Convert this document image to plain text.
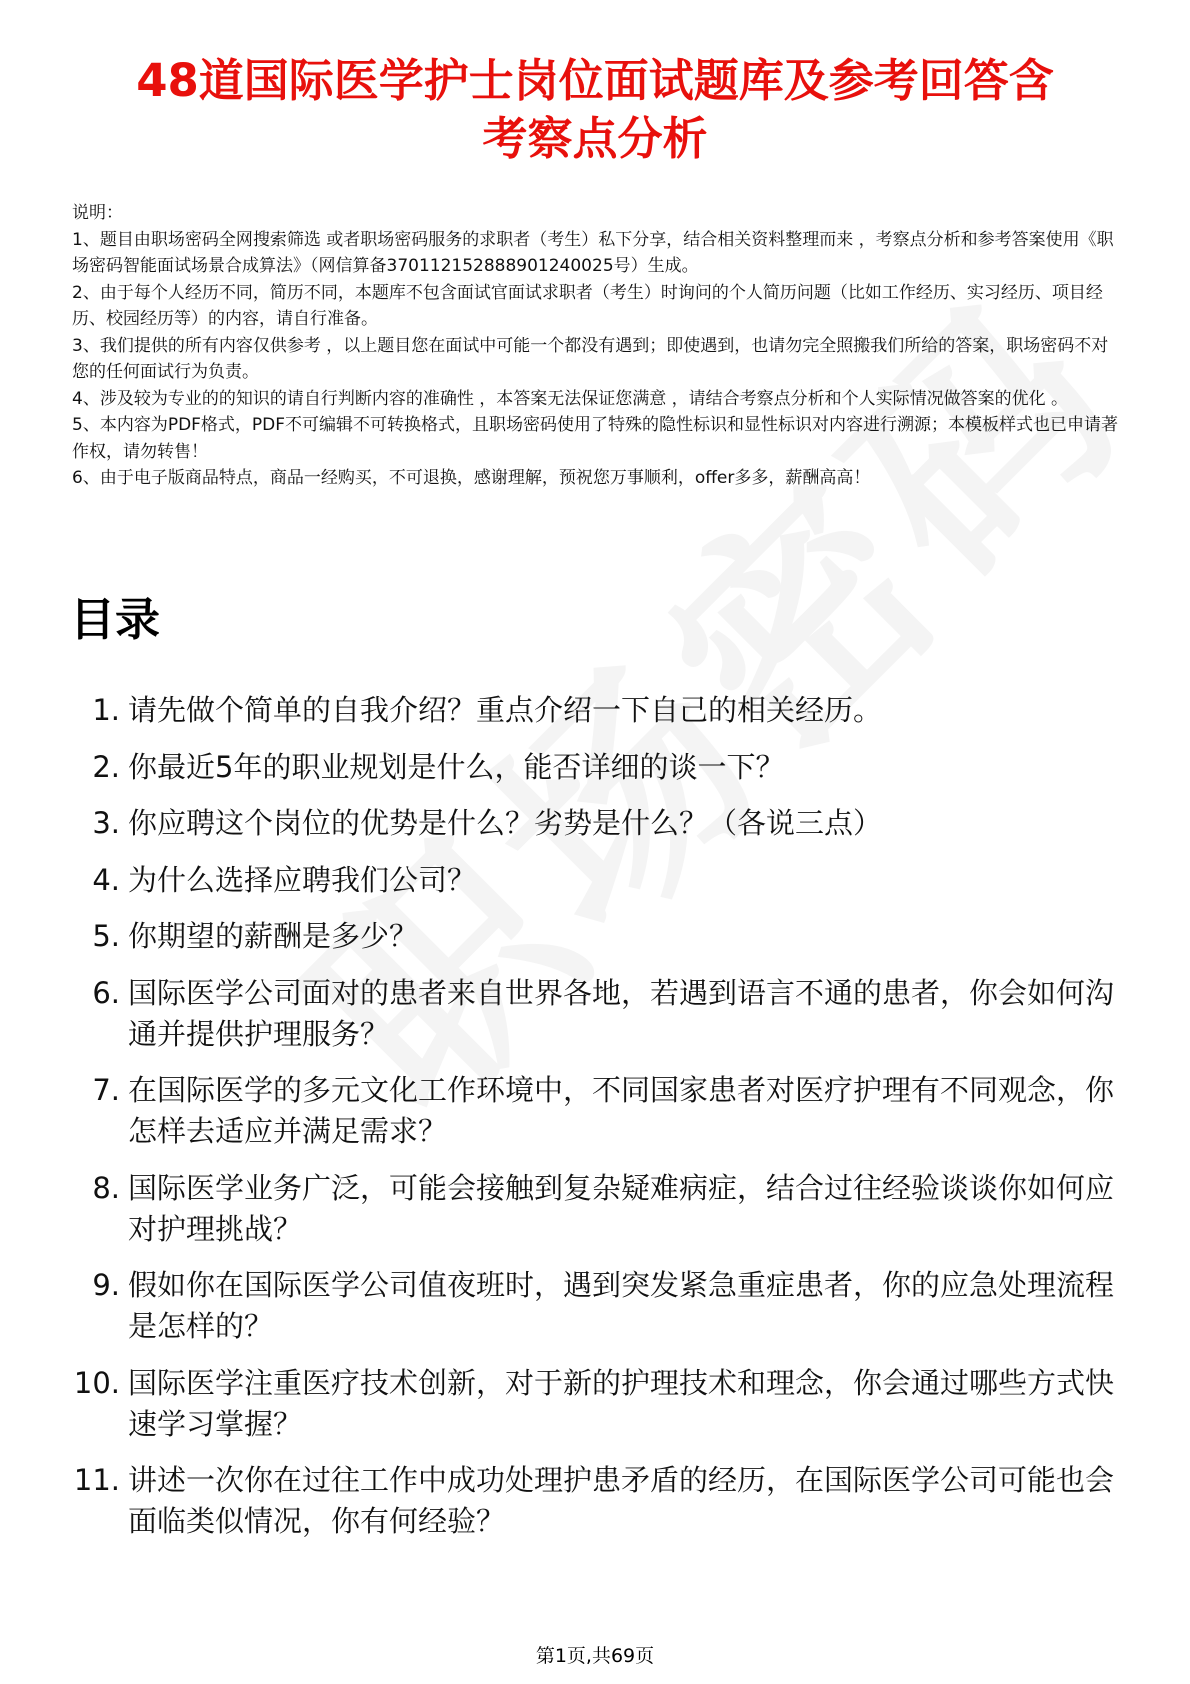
48道国际医学护士岗位面试题库及参考回答含
考察点分析
说明：
1、题目由职场密码全网搜索筛选 或者职场密码服务的求职者（考生）私下分享，结合相关资料整理而来 ，考察点分析和参考答案使用《职场密码智能面试场景合成算法》（网信算备370112152888901240025号）生成。
2、由于每个人经历不同，简历不同，本题库不包含面试官面试求职者（考生）时询问的个人简历问题（比如工作经历、实习经历、项目经历、校园经历等）的内容，请自行准备。
3、我们提供的所有内容仅供参考 ，以上题目您在面试中可能一个都没有遇到；即使遇到，也请勿完全照搬我们所给的答案，职场密码不对您的任何面试行为负责。
4、涉及较为专业的的知识的请自行判断内容的准确性 ，本答案无法保证您满意 ，请结合考察点分析和个人实际情况做答案的优化 。
5、本内容为PDF格式，PDF不可编辑不可转换格式，且职场密码使用了特殊的隐性标识和显性标识对内容进行溯源；本模板样式也已申请著作权，请勿转售！
6、由于电子版商品特点，商品一经购买，不可退换，感谢理解，预祝您万事顺利，offer多多，薪酬高高！
目录
1. 请先做个简单的自我介绍？重点介绍一下自己的相关经历。
2. 你最近5年的职业规划是什么，能否详细的谈一下？
3. 你应聘这个岗位的优势是什么？劣势是什么？（各说三点）
4. 为什么选择应聘我们公司？
5. 你期望的薪酬是多少？
6. 国际医学公司面对的患者来自世界各地，若遇到语言不通的患者，你会如何沟通并提供护理服务？
7. 在国际医学的多元文化工作环境中，不同国家患者对医疗护理有不同观念，你怎样去适应并满足需求？
8. 国际医学业务广泛，可能会接触到复杂疑难病症，结合过往经验谈谈你如何应对护理挑战？
9. 假如你在国际医学公司值夜班时，遇到突发紧急重症患者，你的应急处理流程是怎样的？
10. 国际医学注重医疗技术创新，对于新的护理技术和理念，你会通过哪些方式快速学习掌握？
11. 讲述一次你在过往工作中成功处理护患矛盾的经历，在国际医学公司可能也会面临类似情况，你有何经验？
第1页,共69页
